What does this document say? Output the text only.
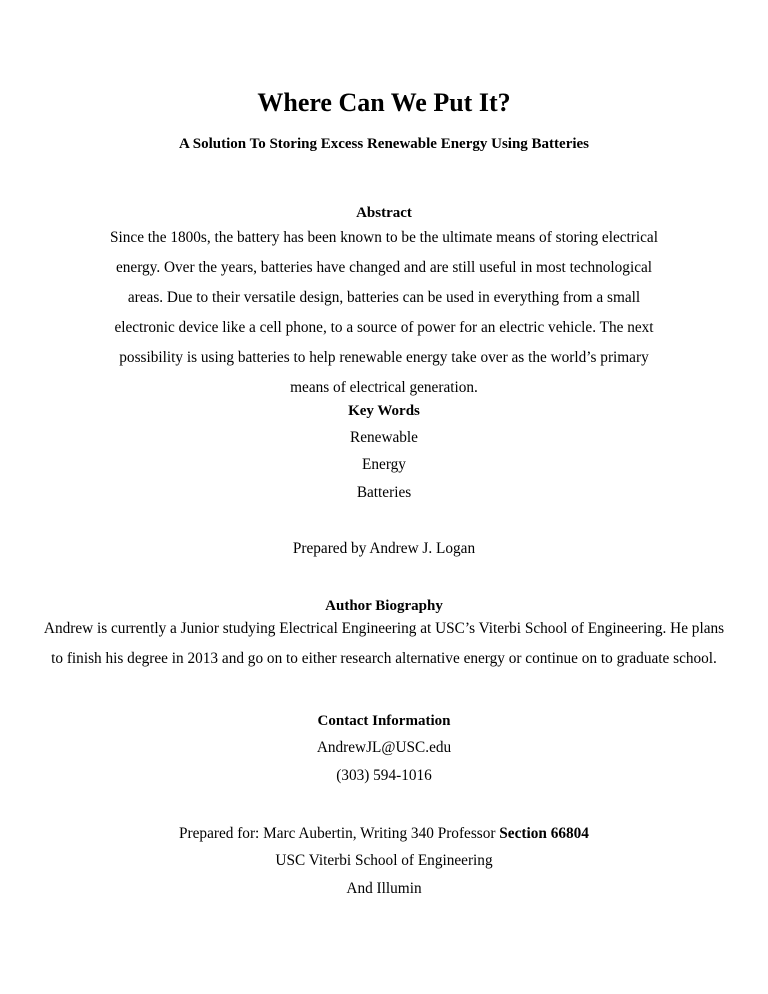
Where Can We Put It?
A Solution To Storing Excess Renewable Energy Using Batteries
Abstract
Since the 1800s, the battery has been known to be the ultimate means of storing electrical energy. Over the years, batteries have changed and are still useful in most technological areas. Due to their versatile design, batteries can be used in everything from a small electronic device like a cell phone, to a source of power for an electric vehicle. The next possibility is using batteries to help renewable energy take over as the world’s primary means of electrical generation.
Key Words
Renewable
Energy
Batteries
Prepared by Andrew J. Logan
Author Biography
Andrew is currently a Junior studying Electrical Engineering at USC’s Viterbi School of Engineering. He plans to finish his degree in 2013 and go on to either research alternative energy or continue on to graduate school.
Contact Information
AndrewJL@USC.edu
(303) 594-1016
Prepared for: Marc Aubertin, Writing 340 Professor Section 66804
USC Viterbi School of Engineering
And Illumin
